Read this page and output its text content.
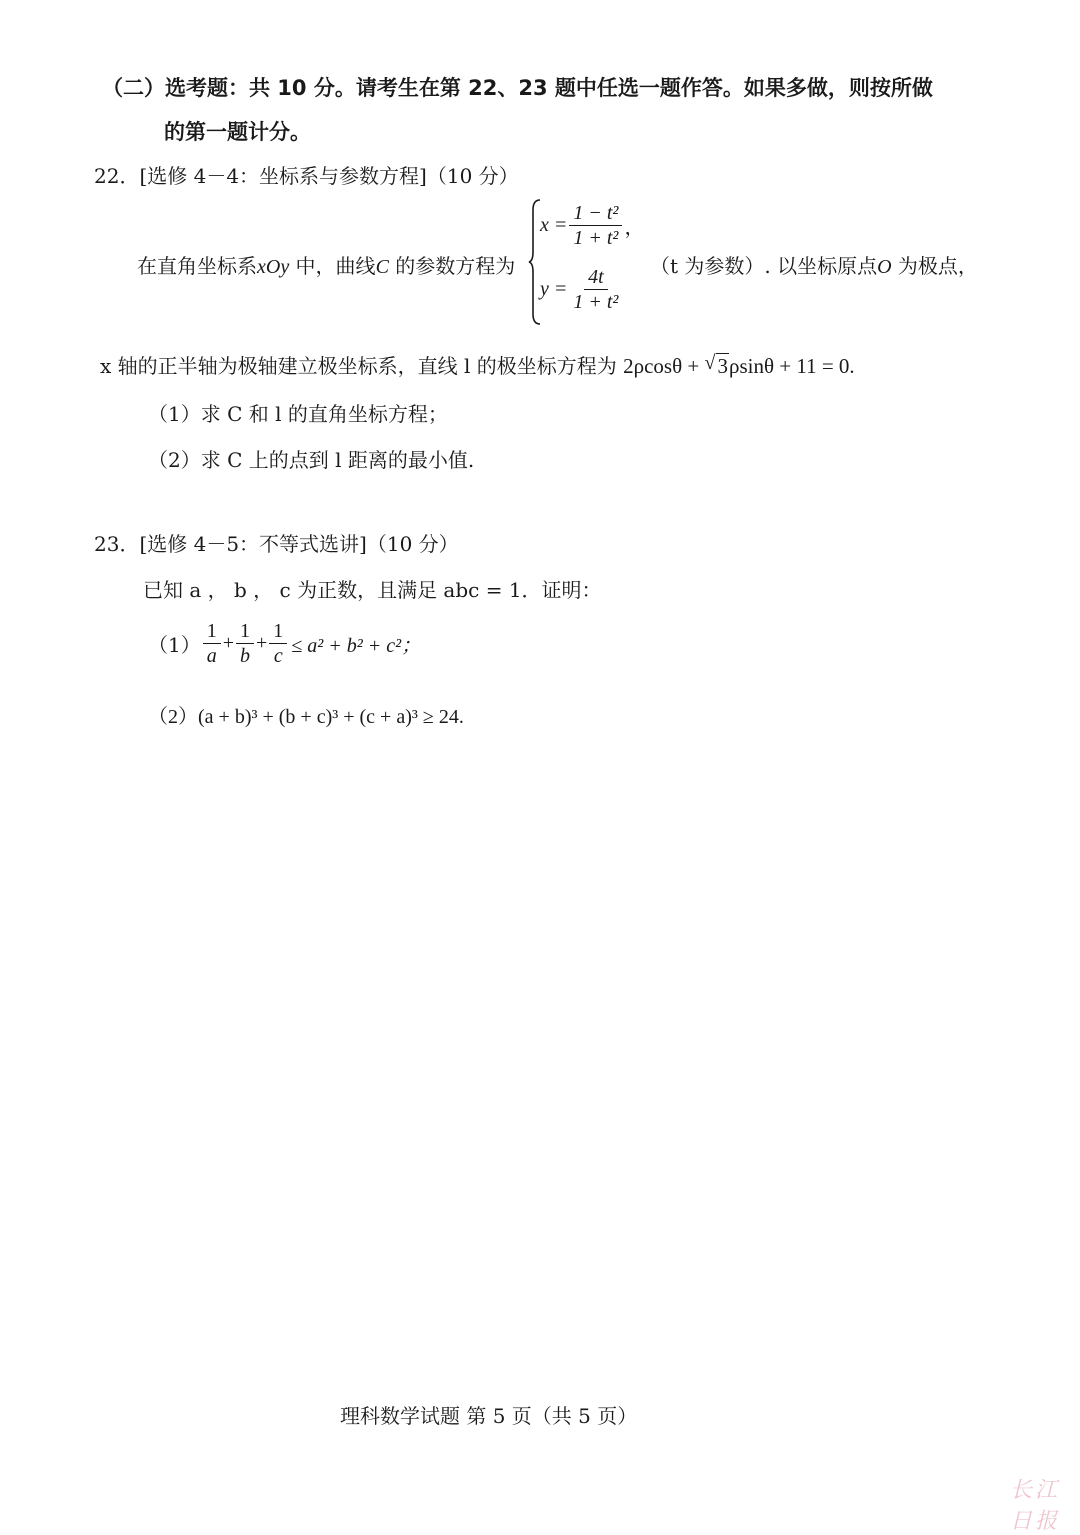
（二）选考题：共 10 分。请考生在第 22、23 题中任选一题作答。如果多做，则按所做
的第一题计分。
22．[选修 4－4：坐标系与参数方程]（10 分）
在直角坐标系xOy 中，曲线C 的参数方程为
$x = \frac{\text{1 − t²}}{\text{1 + t²}}$ ，
$y = \frac{4t}{\text{1 + t²}} (t$ 为参数）. 以坐标原点O 为极点，
x 轴的正半轴为极轴建立极坐标系，直线 l 的极坐标方程为 2ρcosθ + √ 3ρsinθ + 11 = 0.
（1）求 C 和 l 的直角坐标方程；
（2）求 C 上的点到 l 距离的最小值.
23．[选修 4－5：不等式选讲]（10 分）
已知 a ， b ， c 为正数，且满足 abc = 1．证明：
$(1) \frac{1}{a} + \frac{1}{b} + \frac{1}{c} \le a^2 + b^2 + c^2$；
（2）(a + b)³ + (b + c)³ + (c + a)³ ≥ 24.
理科数学试题 第 5 页（共 5 页）
长江日报
